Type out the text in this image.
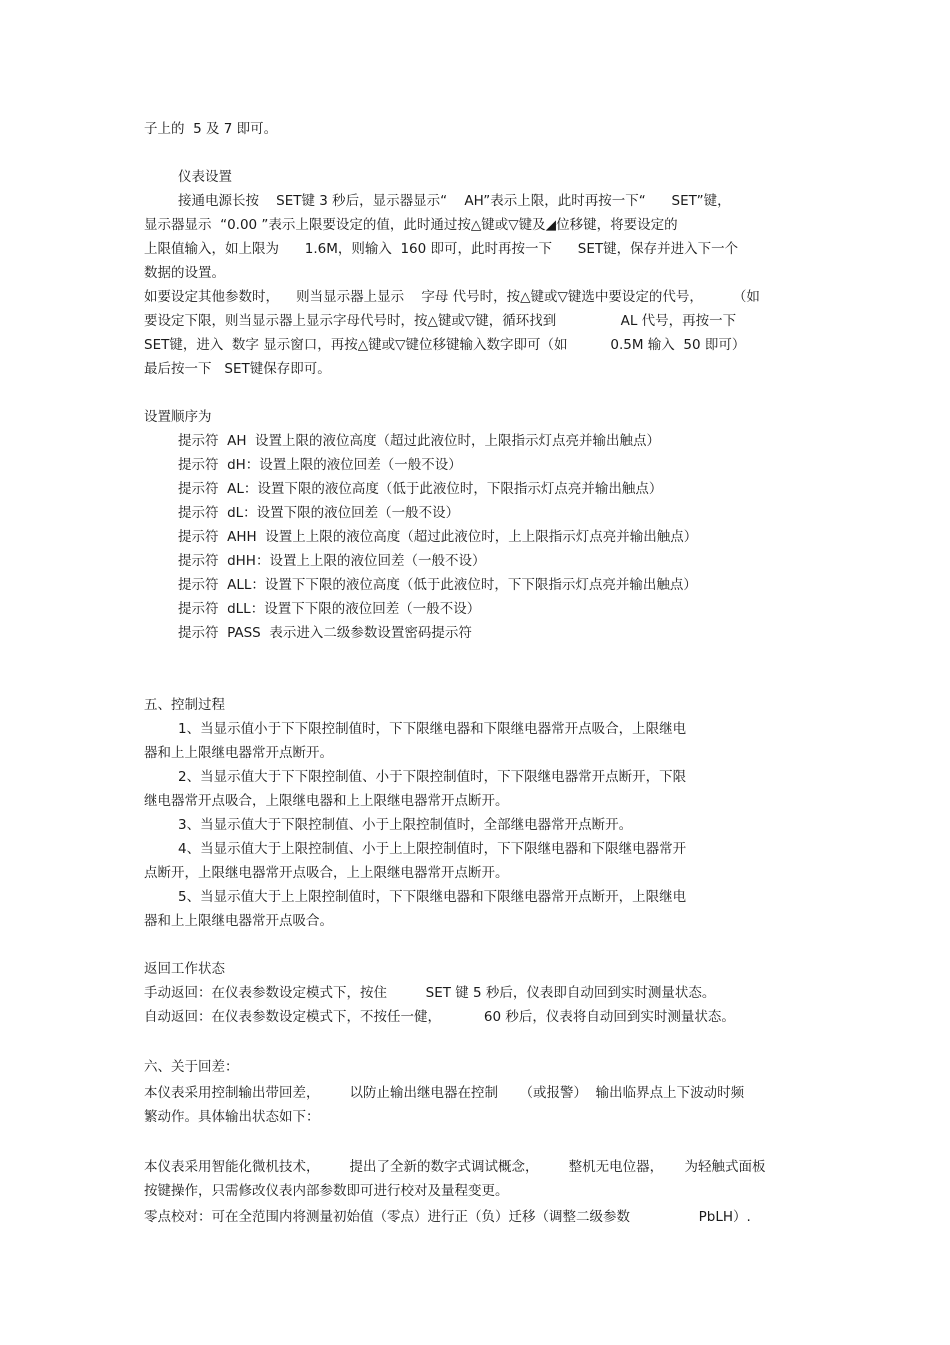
子上的  5 及 7 即可。
仪表设置
接通电源长按    SET键 3 秒后，显示器显示“    AH”表示上限，此时再按一下“      SET”键，
显示器显示  “0.00 ”表示上限要设定的值，此时通过按△键或▽键及◢位移键，将要设定的
上限值输入，如上限为      1.6M，则输入  160 即可，此时再按一下      SET键，保存并进入下一个
数据的设置。
如要设定其他参数时，    则当显示器上显示    字母 代号时，按△键或▽键选中要设定的代号，       （如
要设定下限，则当显示器上显示字母代号时，按△键或▽键，循环找到               AL 代号，再按一下
SET键，进入  数字 显示窗口，再按△键或▽键位移键输入数字即可（如          0.5M 输入  50 即可）
最后按一下   SET键保存即可。
设置顺序为
提示符  AH  设置上限的液位高度（超过此液位时，上限指示灯点亮并输出触点）
提示符  dH：设置上限的液位回差（一般不设）
提示符  AL：设置下限的液位高度（低于此液位时，下限指示灯点亮并输出触点）
提示符  dL：设置下限的液位回差（一般不设）
提示符  AHH  设置上上限的液位高度（超过此液位时，上上限指示灯点亮并输出触点）
提示符  dHH：设置上上限的液位回差（一般不设）
提示符  ALL：设置下下限的液位高度（低于此液位时，下下限指示灯点亮并输出触点）
提示符  dLL：设置下下限的液位回差（一般不设）
提示符  PASS  表示进入二级参数设置密码提示符
五、控制过程
1、当显示值小于下下限控制值时，下下限继电器和下限继电器常开点吸合，上限继电
器和上上限继电器常开点断开。
2、当显示值大于下下限控制值、小于下限控制值时，下下限继电器常开点断开，下限
继电器常开点吸合，上限继电器和上上限继电器常开点断开。
3、当显示值大于下限控制值、小于上限控制值时，全部继电器常开点断开。
4、当显示值大于上限控制值、小于上上限控制值时，下下限继电器和下限继电器常开
点断开，上限继电器常开点吸合，上上限继电器常开点断开。
5、当显示值大于上上限控制值时，下下限继电器和下限继电器常开点断开，上限继电
器和上上限继电器常开点吸合。
返回工作状态
手动返回：在仪表参数设定模式下，按住         SET 键 5 秒后，仪表即自动回到实时测量状态。
自动返回：在仪表参数设定模式下，不按任一健，          60 秒后，仪表将自动回到实时测量状态。
六、关于回差：
本仪表采用控制输出带回差，       以防止输出继电器在控制     （或报警）  输出临界点上下波动时频
繁动作。具体输出状态如下：
本仪表采用智能化微机技术，       提出了全新的数字式调试概念，       整机无电位器，     为轻触式面板
按键操作，只需修改仪表内部参数即可进行校对及量程变更。
零点校对：可在全范围内将测量初始值（零点）进行正（负）迁移（调整二级参数                PbLH）.
